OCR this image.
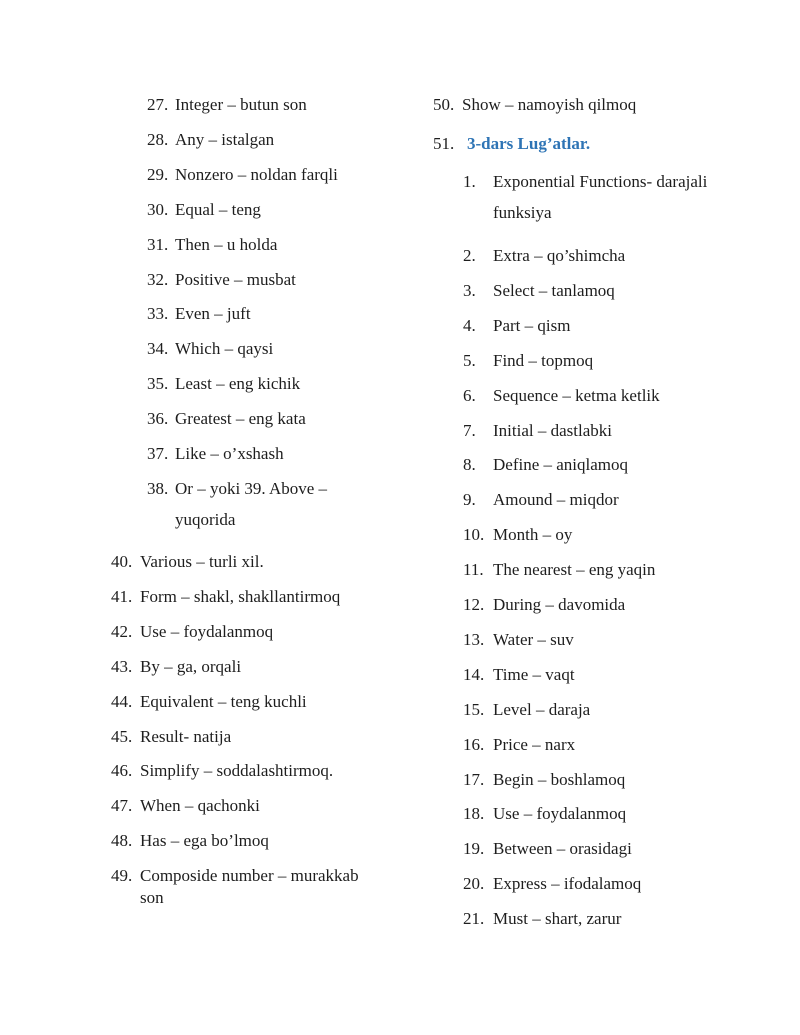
27. Integer – butun son
28. Any – istalgan
29. Nonzero – noldan farqli
30. Equal – teng
31. Then – u holda
32. Positive – musbat
33. Even – juft
34. Which – qaysi
35. Least – eng kichik
36. Greatest – eng kata
37. Like – o’xshash
38. Or – yoki 39. Above –
yuqorida
40. Various – turli xil.
41. Form – shakl, shakllantirmoq
42. Use – foydalanmoq
43. By – ga, orqali
44. Equivalent – teng kuchli
45. Result- natija
46. Simplify – soddalashtirmoq.
47. When – qachonki
48. Has – ega bo’lmoq
49. Composide number – murakkab
son
50. Show – namoyish qilmoq
51. 3-dars Lug’atlar.
1. Exponential Functions- darajali
funksiya
2. Extra – qo’shimcha
3. Select – tanlamoq
4. Part – qism
5. Find – topmoq
6. Sequence – ketma ketlik
7. Initial – dastlabki
8. Define – aniqlamoq
9. Amound – miqdor
10. Month – oy
11. The nearest – eng yaqin
12. During – davomida
13. Water – suv
14. Time – vaqt
15. Level – daraja
16. Price – narx
17. Begin – boshlamoq
18. Use – foydalanmoq
19. Between – orasidagi
20. Express – ifodalamoq
21. Must – shart, zarur
